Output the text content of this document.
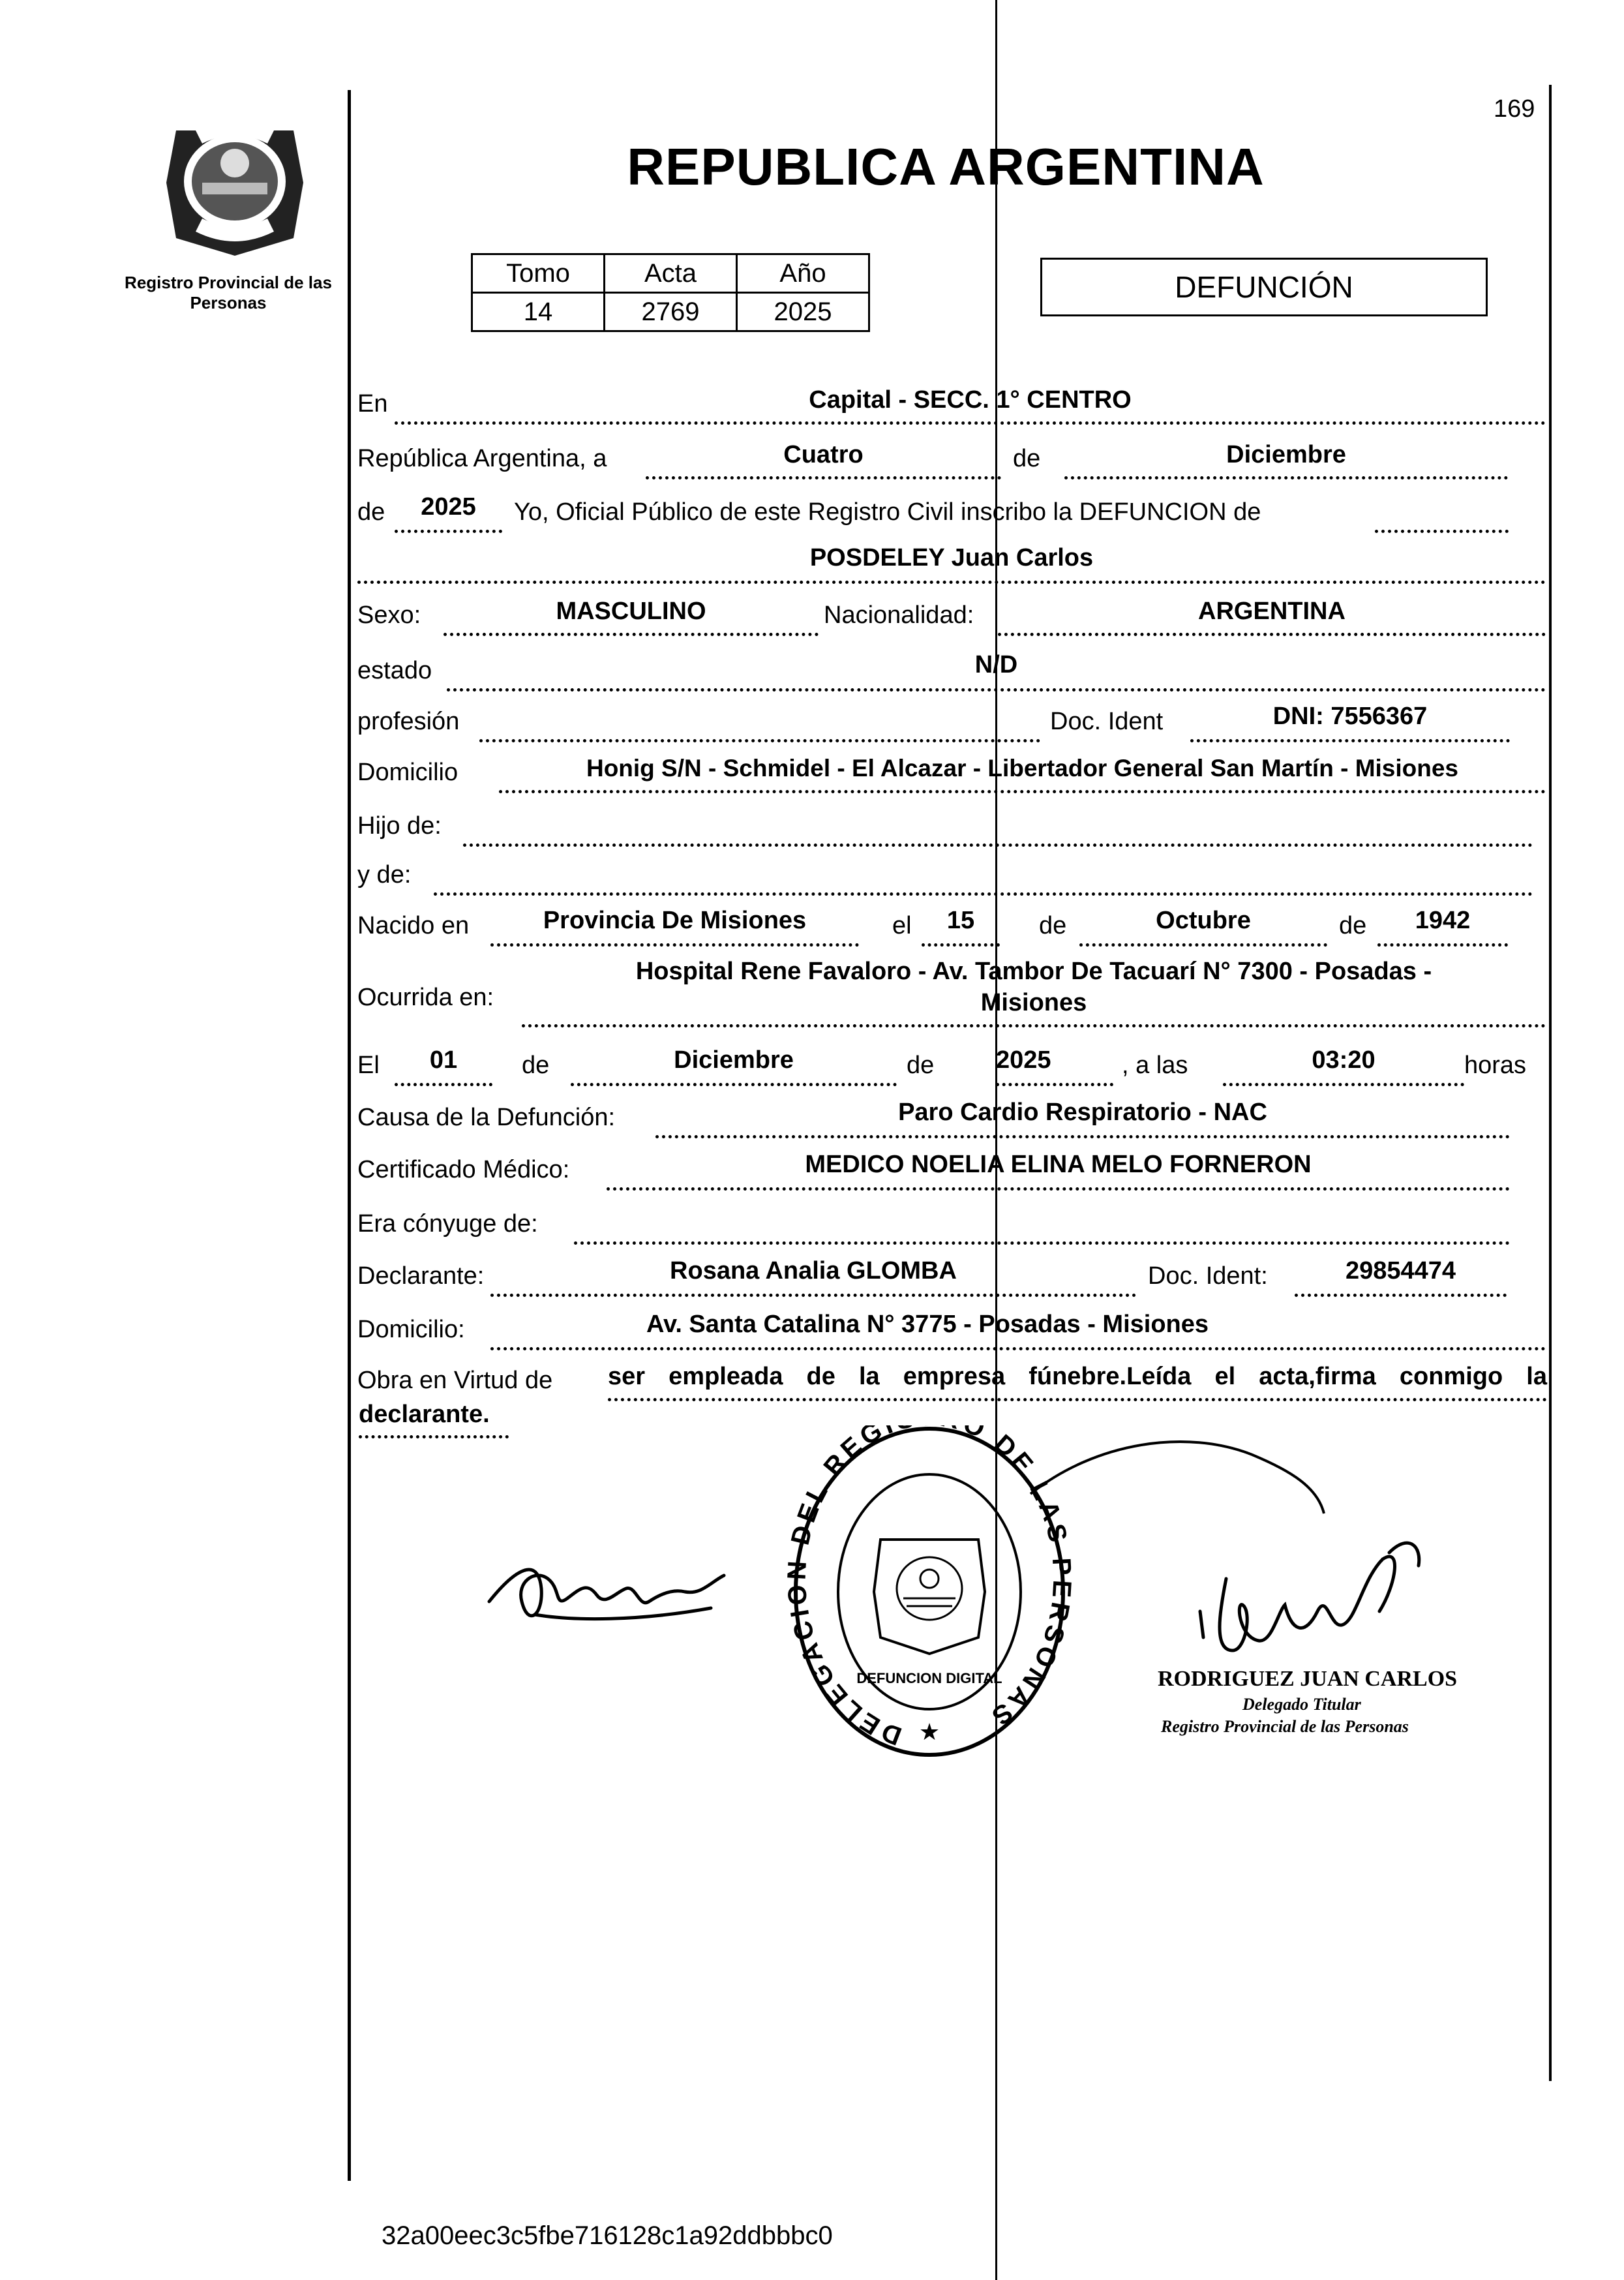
Registro Provincial de las Personas
169
REPUBLICA ARGENTINA
Tomo	Acta	Año
14	2769	2025
DEFUNCIÓN
En	Capital - SECC. 1° CENTRO
República Argentina, a	Cuatro	de	Diciembre
de	2025	Yo, Oficial Público de este Registro Civil inscribo la DEFUNCION de
POSDELEY Juan Carlos
Sexo:	MASCULINO	Nacionalidad:	ARGENTINA
estado	N/D
profesión	Doc. Ident	DNI: 7556367
Domicilio	Honig S/N - Schmidel - El Alcazar - Libertador General San Martín - Misiones
Hijo de:
y de:
Nacido en	Provincia De Misiones	el	15	de	Octubre	de	1942
Ocurrida en:
Hospital Rene Favaloro - Av. Tambor De Tacuarí N° 7300 - Posadas -
Misiones
El	01	de	Diciembre	de 2025	, a las	03:20	horas
Causa de la Defunción:	Paro Cardio Respiratorio - NAC
Certificado Médico:	MEDICO NOELIA ELINA MELO FORNERON
Era cónyuge de:
Declarante:	Rosana Analia GLOMBA	Doc. Ident:	29854474
Domicilio:	Av. Santa Catalina N° 3775 - Posadas - Misiones
Obra en Virtud de ser empleada de la empresa fúnebre.Leída el acta,firma conmigo la
declarante.
DELEGACI DEL REG O DE LAS RSONAS
DEFUNCION DIGITAL
★
RODRIGUEZ JUAN CARLOS
Delegado Titular
Registro Provincial de las Personas
32a00eec3c5fbe716128c1a92ddbbbc0
